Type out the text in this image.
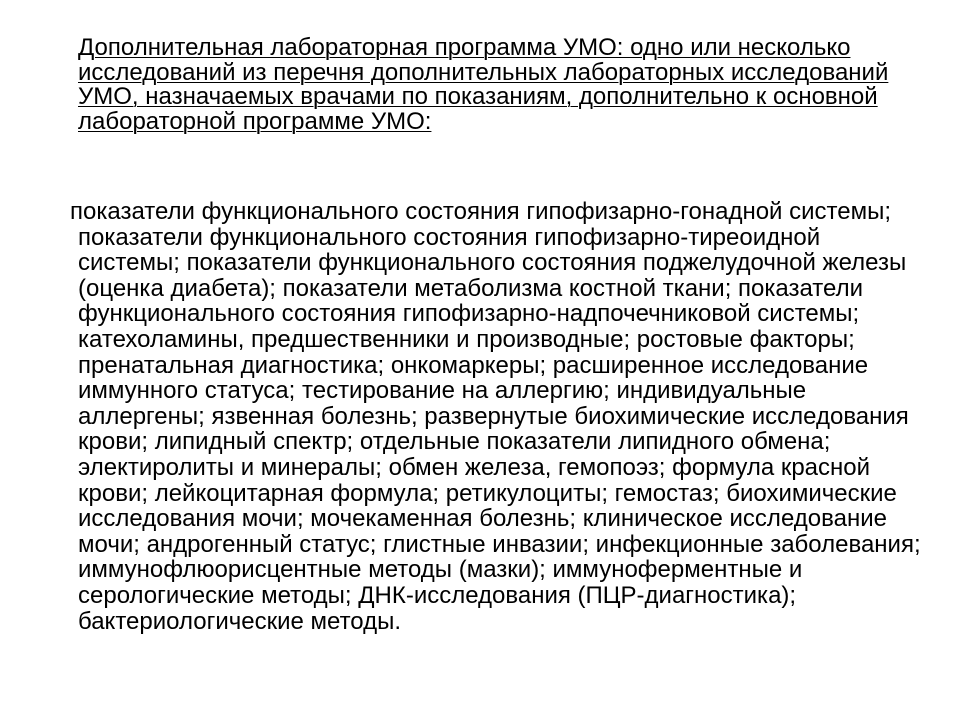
Дополнительная лабораторная программа УМО: одно или несколько исследований из перечня дополнительных лабораторных исследований УМО, назначаемых врачами по показаниям, дополнительно к основной лабораторной программе УМО:

показатели функционального состояния гипофизарно-гонадной системы; показатели функционального состояния гипофизарно-тиреоидной системы; показатели функционального состояния поджелудочной железы (оценка диабета); показатели метаболизма костной ткани; показатели функционального состояния гипофизарно-надпочечниковой системы; катехоламины, предшественники и производные; ростовые факторы; пренатальная диагностика; онкомаркеры; расширенное исследование иммунного статуса; тестирование на аллергию; индивидуальные аллергены; язвенная болезнь; развернутые биохимические исследования крови; липидный спектр; отдельные показатели липидного обмена; электиролиты и минералы; обмен железа, гемопоэз; формула красной крови; лейкоцитарная формула; ретикулоциты; гемостаз; биохимические исследования мочи; мочекаменная болезнь; клиническое исследование мочи; андрогенный статус; глистные инвазии; инфекционные заболевания; иммунофлюорисцентные методы (мазки); иммуноферментные и серологические методы; ДНК-исследования (ПЦР-диагностика); бактериологические методы.
